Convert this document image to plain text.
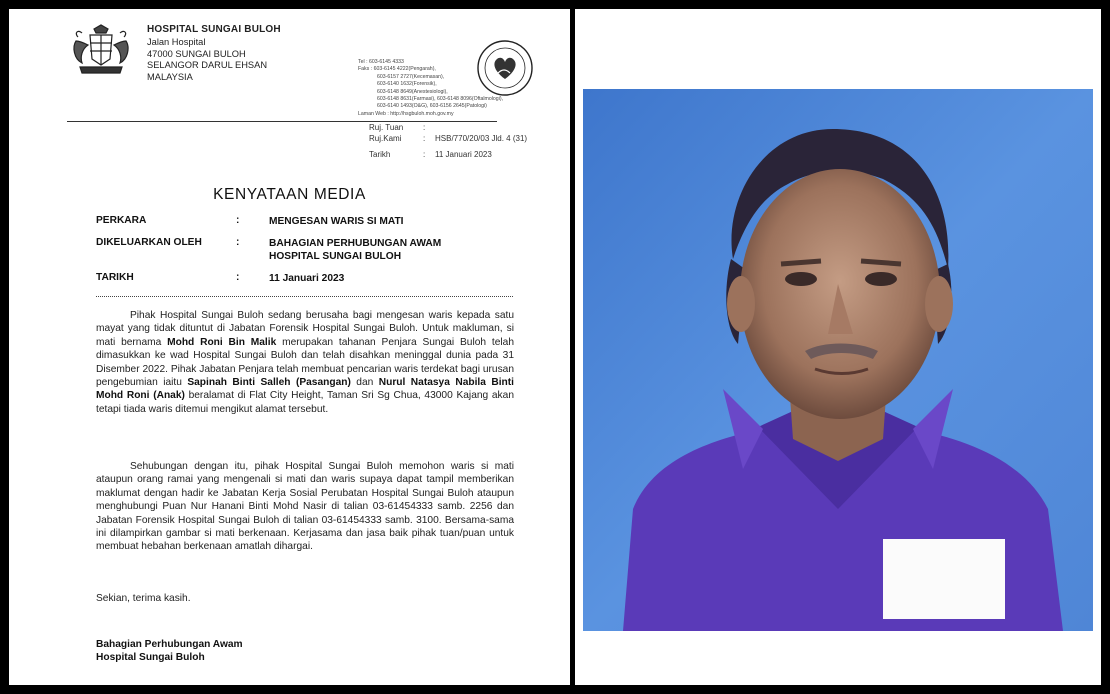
HOSPITAL SUNGAI BULOH
Jalan Hospital
47000 SUNGAI BULOH
SELANGOR DARUL EHSAN
MALAYSIA
Tel : 603-6145 4333
Faks : 603-6145 4222(Pengarah),
603-6157 2727(Kecemasan),
603-6140 1632(Forensik),
603-6148 8649(Anestesiologi),
603-6148 8631(Farmasi), 603-6148 8096(Oftalmologi),
603-6140 1493(O&G), 603-6156 2645(Patologi)
Laman Web : http://hsgbuloh.moh.gov.my
Ruj. Tuan :
Ruj.Kami	: HSB/770/20/03 Jld. 4 (31)
Tarikh	: 11 Januari 2023
KENYATAAN MEDIA
PERKARA	:	MENGESAN WARIS SI MATI
DIKELUARKAN OLEH	:	BAHAGIAN PERHUBUNGAN AWAM
HOSPITAL SUNGAI BULOH
TARIKH	:	11 Januari 2023
Pihak Hospital Sungai Buloh sedang berusaha bagi mengesan waris kepada satu mayat yang tidak dituntut di Jabatan Forensik Hospital Sungai Buloh. Untuk makluman, si mati bernama Mohd Roni Bin Malik merupakan tahanan Penjara Sungai Buloh telah dimasukkan ke wad Hospital Sungai Buloh dan telah disahkan meninggal dunia pada 31 Disember 2022. Pihak Jabatan Penjara telah membuat pencarian waris terdekat bagi urusan pengebumian iaitu Sapinah Binti Salleh (Pasangan) dan Nurul Natasya Nabila Binti Mohd Roni (Anak) beralamat di Flat City Height, Taman Sri Sg Chua, 43000 Kajang akan tetapi tiada waris ditemui mengikut alamat tersebut.
Sehubungan dengan itu, pihak Hospital Sungai Buloh memohon waris si mati ataupun orang ramai yang mengenali si mati dan waris supaya dapat tampil memberikan maklumat dengan hadir ke Jabatan Kerja Sosial Perubatan Hospital Sungai Buloh ataupun menghubungi Puan Nur Hanani Binti Mohd Nasir di talian 03-61454333 samb. 2256 dan Jabatan Forensik Hospital Sungai Buloh di talian 03-61454333 samb. 3100. Bersama-sama ini dilampirkan gambar si mati berkenaan. Kerjasama dan jasa baik pihak tuan/puan untuk membuat hebahan berkenaan amatlah dihargai.
Sekian, terima kasih.
Bahagian Perhubungan Awam
Hospital Sungai Buloh
